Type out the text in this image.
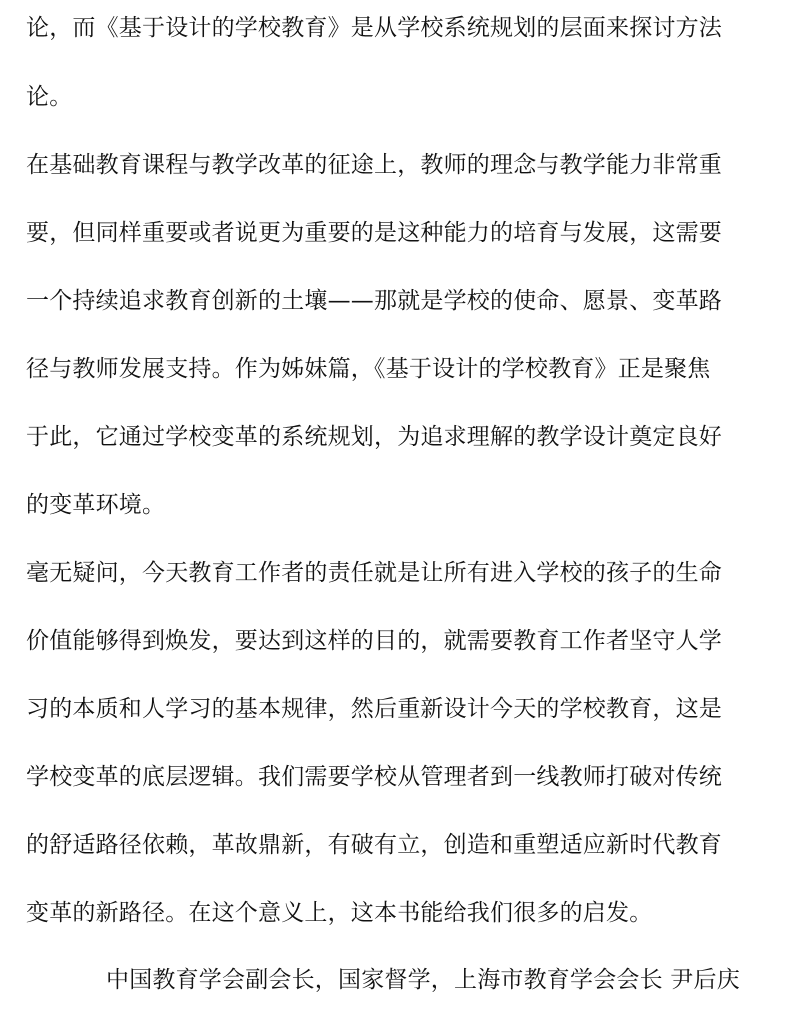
论，而《基于设计的学校教育》是从学校系统规划的层面来探讨方法
论。
在基础教育课程与教学改革的征途上，教师的理念与教学能力非常重
要，但同样重要或者说更为重要的是这种能力的培育与发展，这需要
一个持续追求教育创新的土壤——那就是学校的使命、愿景、变革路
径与教师发展支持。作为姊妹篇，《基于设计的学校教育》正是聚焦
于此，它通过学校变革的系统规划，为追求理解的教学设计奠定良好
的变革环境。
毫无疑问，今天教育工作者的责任就是让所有进入学校的孩子的生命
价值能够得到焕发，要达到这样的目的，就需要教育工作者坚守人学
习的本质和人学习的基本规律，然后重新设计今天的学校教育，这是
学校变革的底层逻辑。我们需要学校从管理者到一线教师打破对传统
的舒适路径依赖，革故鼎新，有破有立，创造和重塑适应新时代教育
变革的新路径。在这个意义上，这本书能给我们很多的启发。
中国教育学会副会长，国家督学，上海市教育学会会长 尹后庆
